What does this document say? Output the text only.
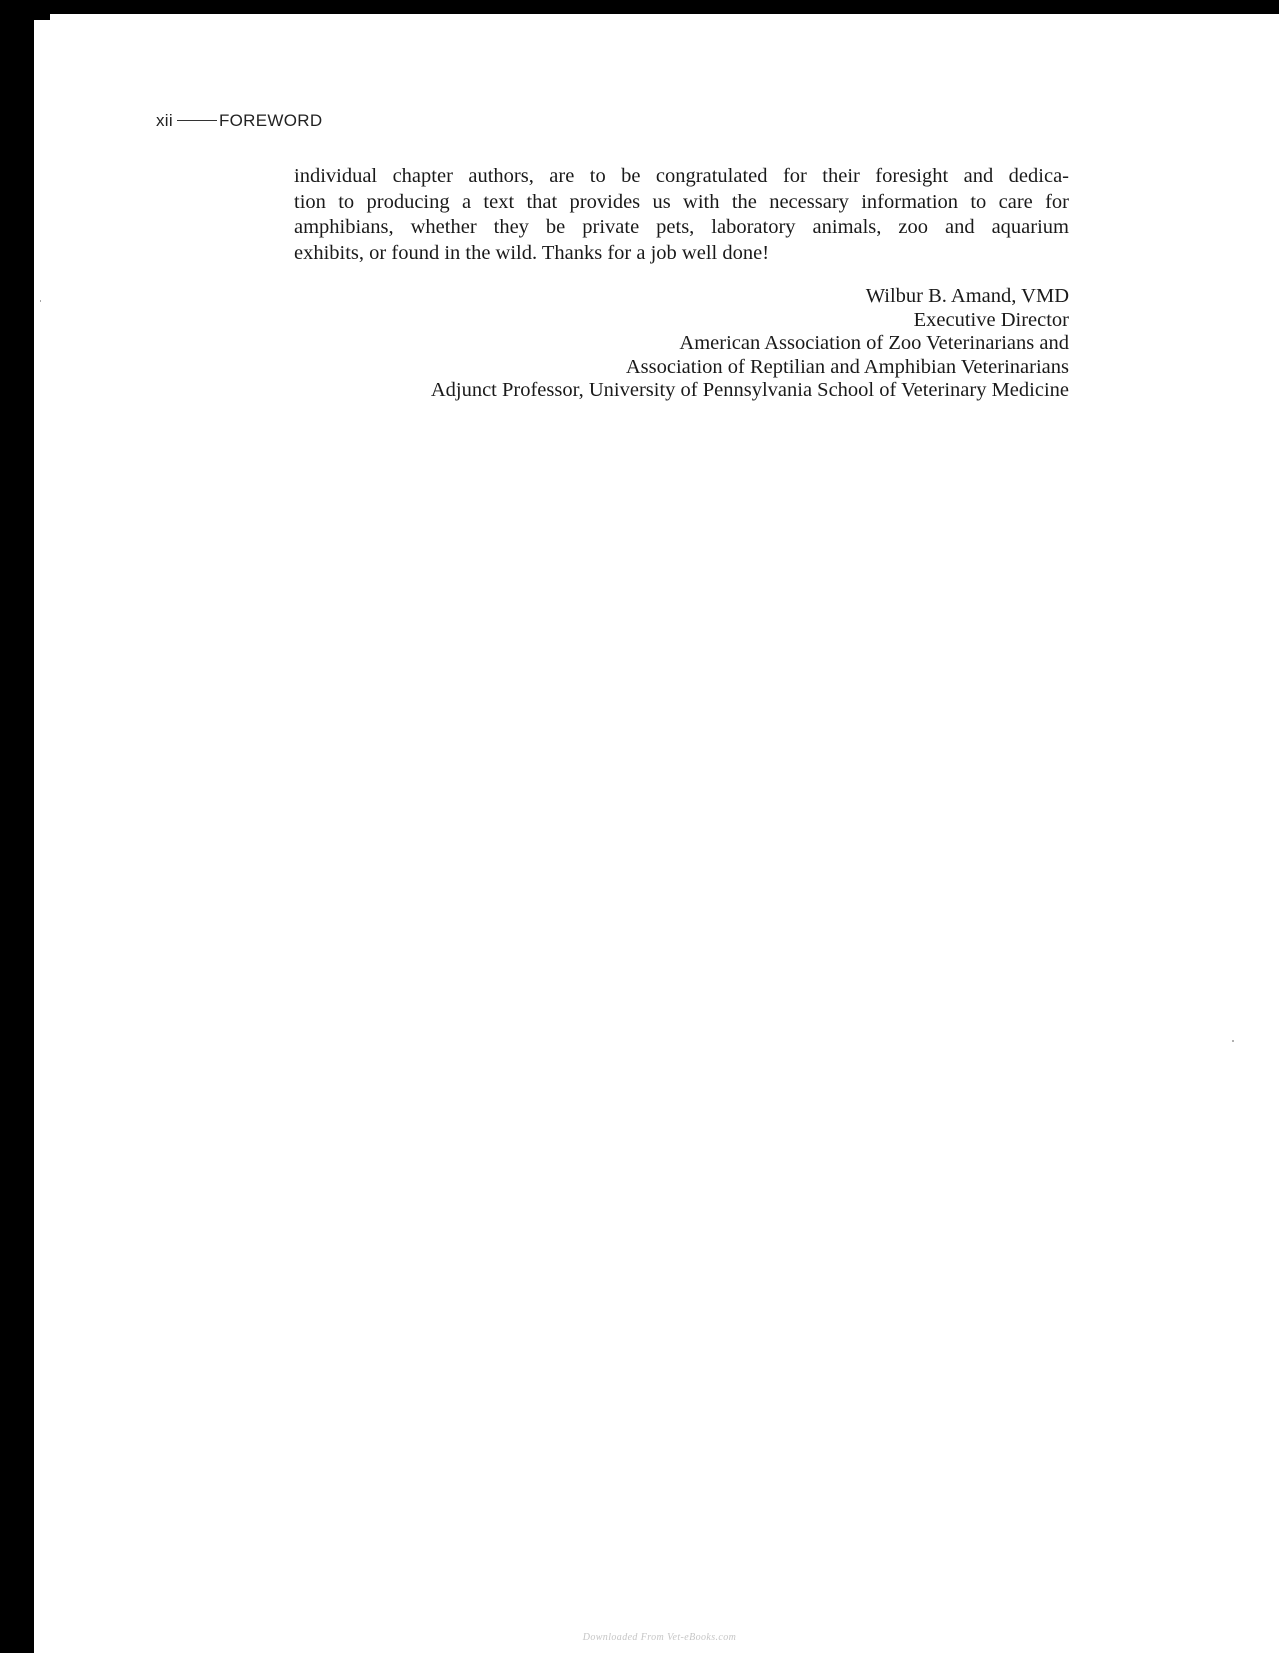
xii	FOREWORD
individual chapter authors, are to be congratulated for their foresight and dedica-
tion to producing a text that provides us with the necessary information to care for
amphibians, whether they be private pets, laboratory animals, zoo and aquarium
exhibits, or found in the wild. Thanks for a job well done!
Wilbur B. Amand, VMD
Executive Director
American Association of Zoo Veterinarians and
Association of Reptilian and Amphibian Veterinarians
Adjunct Professor, University of Pennsylvania School of Veterinary Medicine
Downloaded From Vet-eBooks.com
